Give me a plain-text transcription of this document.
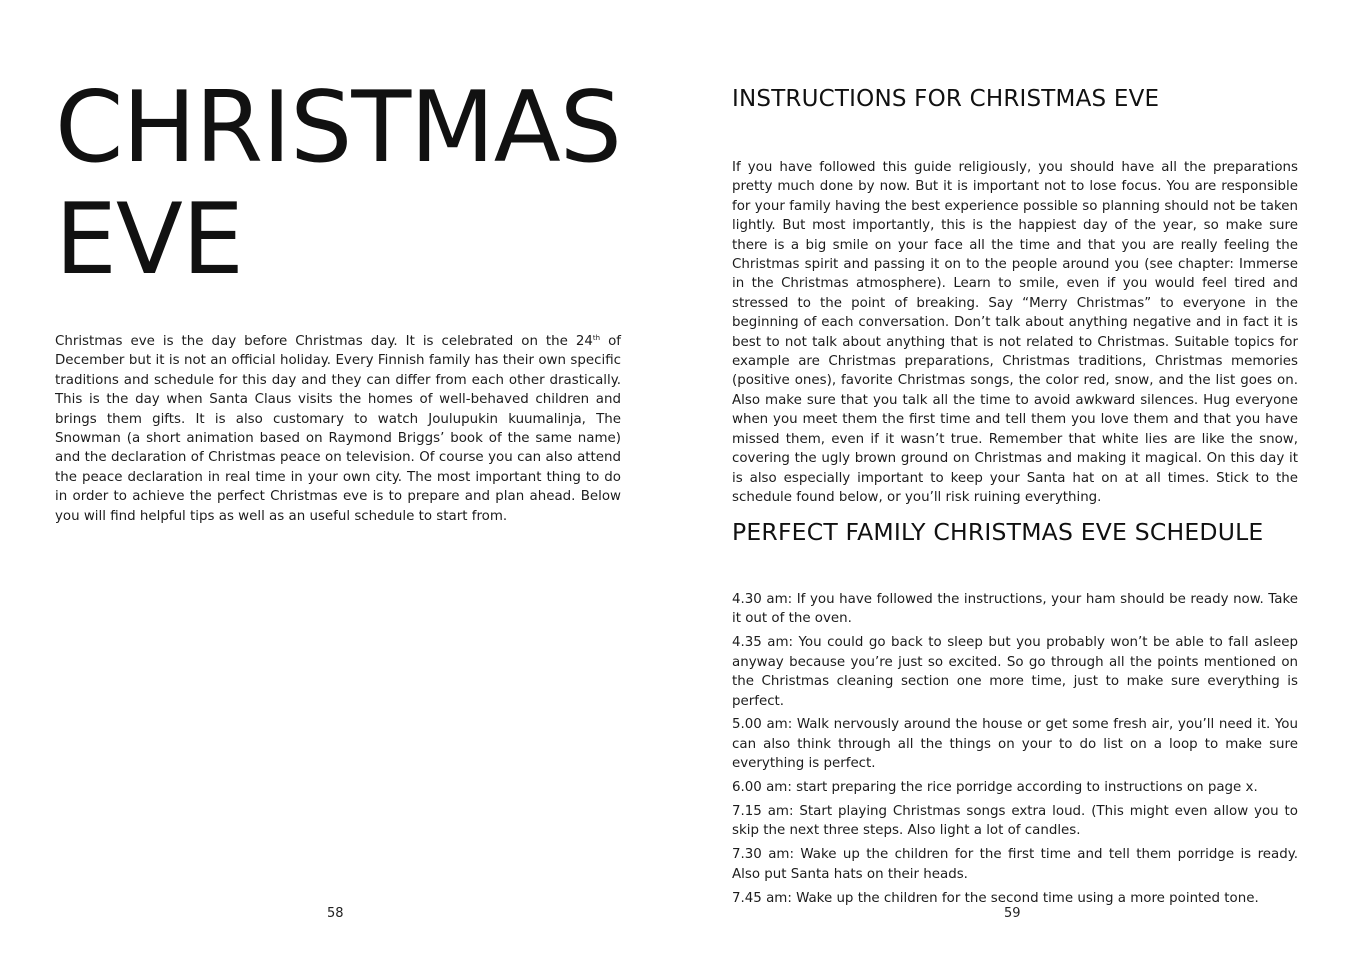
CHRISTMAS
EVE

Christmas eve is the day before Christmas day. It is celebrated on the 24th of December but it is not an official holiday. Every Finnish family has their own specific traditions and schedule for this day and they can differ from each other drastically. This is the day when Santa Claus visits the homes of well-behaved children and brings them gifts. It is also customary to watch Joulupukin kuumalinja, The Snowman (a short animation based on Raymond Briggs’ book of the same name) and the declaration of Christmas peace on television. Of course you can also attend the peace declaration in real time in your own city. The most important thing to do in order to achieve the perfect Christmas eve is to prepare and plan ahead. Below you will find helpful tips as well as an useful schedule to start from.

58
INSTRUCTIONS FOR CHRISTMAS EVE

If you have followed this guide religiously, you should have all the preparations pretty much done by now. But it is important not to lose focus. You are responsible for your family having the best experience possible so planning should not be taken lightly. But most importantly, this is the happiest day of the year, so make sure there is a big smile on your face all the time and that you are really feeling the Christmas spirit and passing it on to the people around you (see chapter: Immerse in the Christmas atmosphere). Learn to smile, even if you would feel tired and stressed to the point of breaking. Say “Merry Christmas” to everyone in the beginning of each conversation. Don’t talk about anything negative and in fact it is best to not talk about anything that is not related to Christmas. Suitable topics for example are Christmas preparations, Christmas traditions, Christmas memories (positive ones), favorite Christmas songs, the color red, snow, and the list goes on. Also make sure that you talk all the time to avoid awkward silences. Hug everyone when you meet them the first time and tell them you love them and that you have missed them, even if it wasn’t true. Remember that white lies are like the snow, covering the ugly brown ground on Christmas and making it magical. On this day it is also especially important to keep your Santa hat on at all times. Stick to the schedule found below, or you’ll risk ruining everything.

PERFECT FAMILY CHRISTMAS EVE SCHEDULE
4.30 am: If you have followed the instructions, your ham should be ready now. Take it out of the oven.
4.35 am: You could go back to sleep but you probably won’t be able to fall asleep anyway because you’re just so excited. So go through all the points mentioned on the Christmas cleaning section one more time, just to make sure everything is perfect.
5.00 am: Walk nervously around the house or get some fresh air, you’ll need it. You can also think through all the things on your to do list on a loop to make sure everything is perfect.
6.00 am: start preparing the rice porridge according to instructions on page x.
7.15 am: Start playing Christmas songs extra loud. (This might even allow you to skip the next three steps. Also light a lot of candles.
7.30 am: Wake up the children for the first time and tell them porridge is ready. Also put Santa hats on their heads.
7.45 am: Wake up the children for the second time using a more pointed tone.
59
